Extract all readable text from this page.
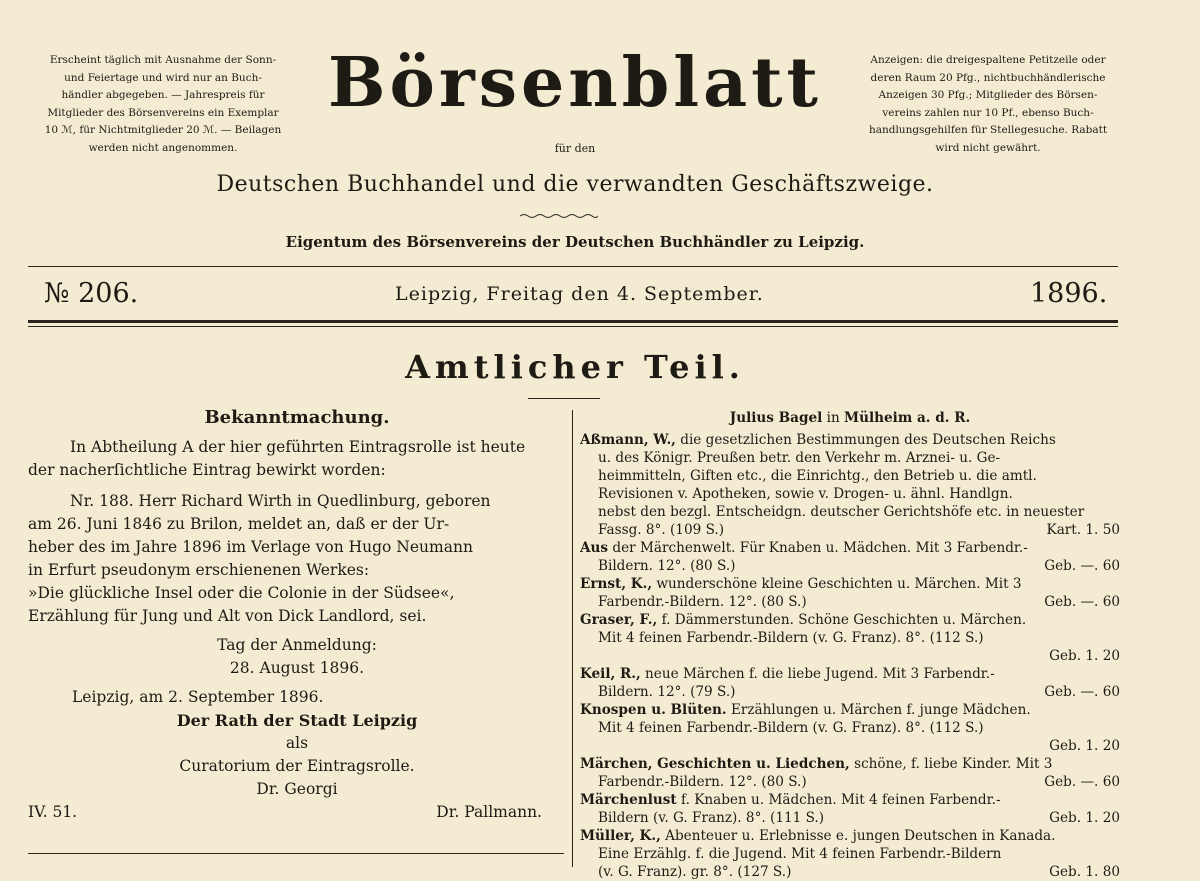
Erscheint täglich mit Ausnahme der Sonn-
und Feiertage und wird nur an Buch-
händler abgegeben. — Jahrespreis für
Mitglieder des Börsenvereins ein Exemplar
10 ℳ, für Nichtmitglieder 20 ℳ. — Beilagen
werden nicht angenommen.
Anzeigen: die dreigespaltene Petitzeile oder
deren Raum 20 Pfg., nichtbuchhändlerische
Anzeigen 30 Pfg.; Mitglieder des Börsen-
vereins zahlen nur 10 Pf., ebenso Buch-
handlungsgehilfen für Stellegesuche. Rabatt
wird nicht gewährt.
Börsenblatt
für den
Deutschen Buchhandel und die verwandten Geschäftszweige.
Eigentum des Börsenvereins der Deutschen Buchhändler zu Leipzig.
№ 206.	Leipzig, Freitag den 4. September.	1896.
Amtlicher Teil.
Bekanntmachung.
In Abtheilung A der hier geführten Eintragsrolle ist heute
der nacherſichtliche Eintrag bewirkt worden:
Nr. 188. Herr Richard Wirth in Quedlinburg, geboren
am 26. Juni 1846 zu Brilon, meldet an, daß er der Ur-
heber des im Jahre 1896 im Verlage von Hugo Neumann
in Erfurt pseudonym erschienenen Werkes:
»Die glückliche Insel oder die Colonie in der Südsee«,
Erzählung für Jung und Alt von Dick Landlord, sei.
Tag der Anmeldung:
28. August 1896.
Leipzig, am 2. September 1896.
Der Rath der Stadt Leipzig
als
Curatorium der Eintragsrolle.
Dr. Georgi
IV. 51.	Dr. Pallmann.
Julius Bagel in Mülheim a. d. R.
Aßmann, W., die gesetzlichen Bestimmungen des Deutschen Reichs
u. des Königr. Preußen betr. den Verkehr m. Arznei- u. Ge-
heimmitteln, Giften etc., die Einrichtg., den Betrieb u. die amtl.
Revisionen v. Apotheken, sowie v. Drogen- u. ähnl. Handlgn.
nebst den bezgl. Entscheidgn. deutscher Gerichtshöfe etc. in neuester
Fassg. 8°. (109 S.)	Kart. 1. 50
Aus der Märchenwelt. Für Knaben u. Mädchen. Mit 3 Farbendr.-
Bildern. 12°. (80 S.)	Geb. —. 60
Ernst, K., wunderschöne kleine Geschichten u. Märchen. Mit 3
Farbendr.-Bildern. 12°. (80 S.)	Geb. —. 60
Graser, F., f. Dämmerstunden. Schöne Geschichten u. Märchen.
Mit 4 feinen Farbendr.-Bildern (v. G. Franz). 8°. (112 S.)
Geb. 1. 20
Keil, R., neue Märchen f. die liebe Jugend. Mit 3 Farbendr.-
Bildern. 12°. (79 S.)	Geb. —. 60
Knospen u. Blüten. Erzählungen u. Märchen f. junge Mädchen.
Mit 4 feinen Farbendr.-Bildern (v. G. Franz). 8°. (112 S.)
Geb. 1. 20
Märchen, Geschichten u. Liedchen, schöne, f. liebe Kinder. Mit 3
Farbendr.-Bildern. 12°. (80 S.)	Geb. —. 60
Märchenlust f. Knaben u. Mädchen. Mit 4 feinen Farbendr.-
Bildern (v. G. Franz). 8°. (111 S.)	Geb. 1. 20
Müller, K., Abenteuer u. Erlebnisse e. jungen Deutschen in Kanada.
Eine Erzählg. f. die Jugend. Mit 4 feinen Farbendr.-Bildern
(v. G. Franz). gr. 8°. (127 S.)	Geb. 1. 80
